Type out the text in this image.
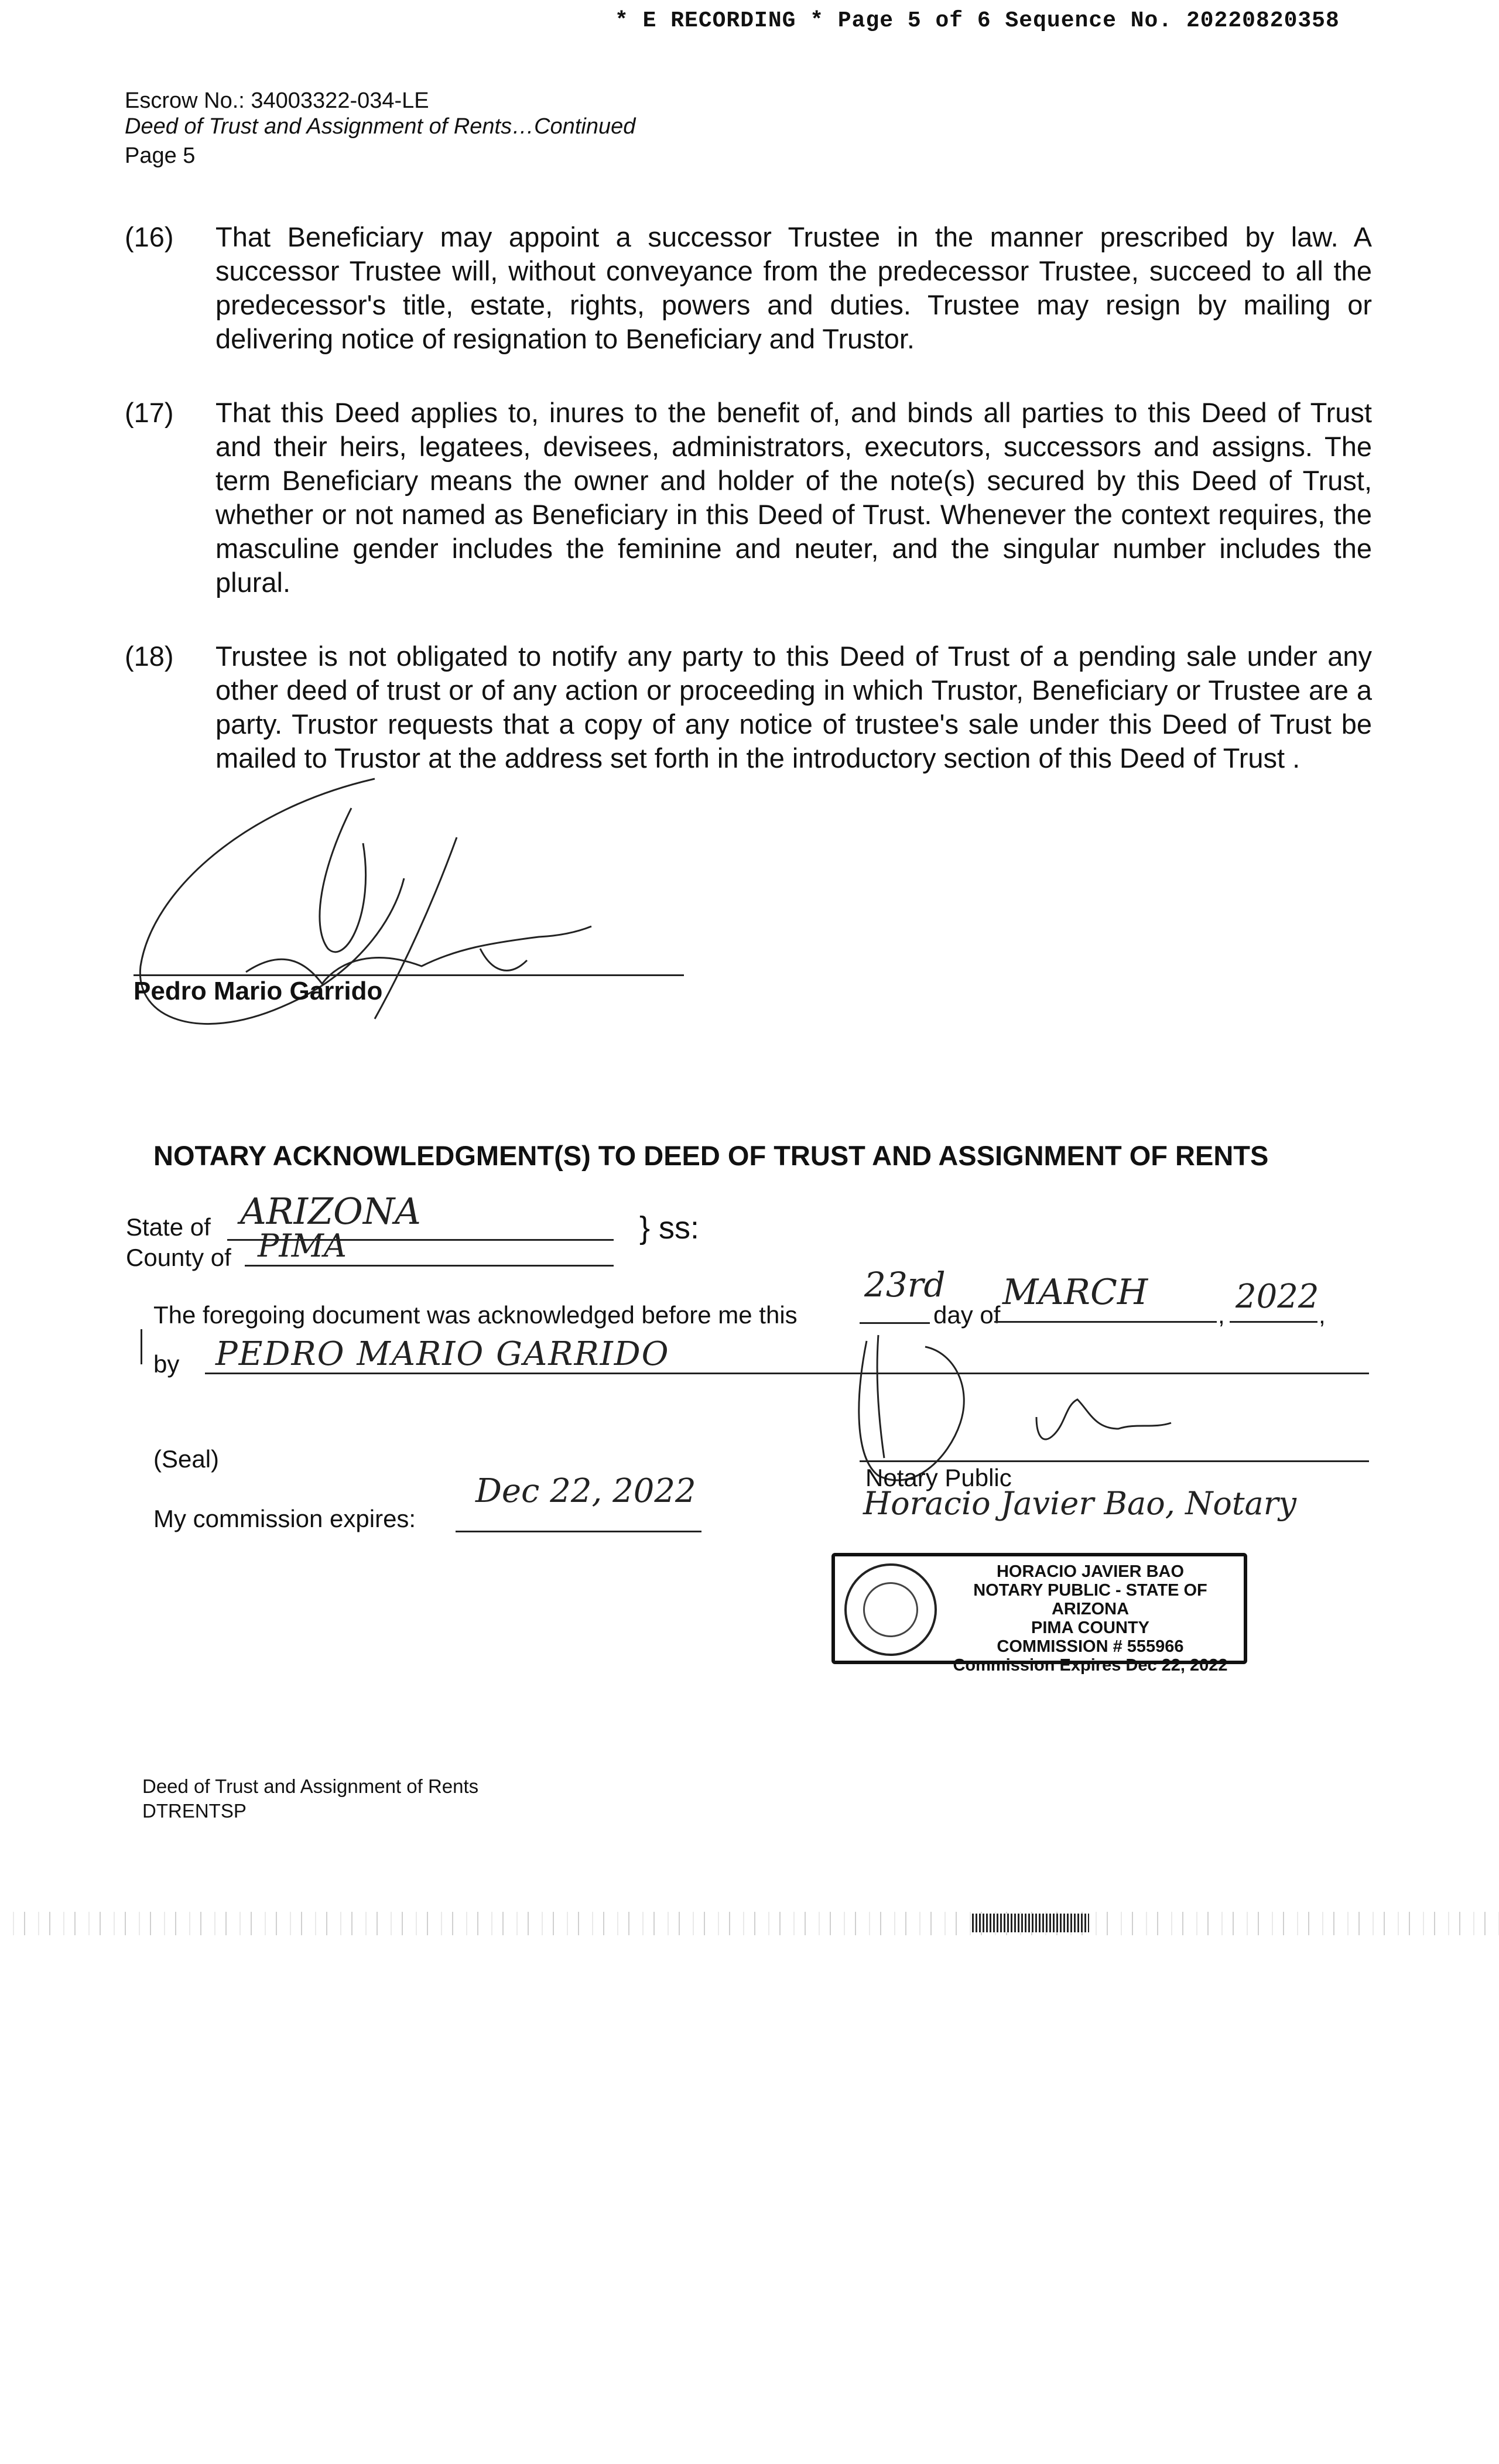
* E RECORDING * Page 5 of 6 Sequence No. 20220820358
Escrow No.: 34003322-034-LE
Deed of Trust and Assignment of Rents…Continued
Page 5
(16) That Beneficiary may appoint a successor Trustee in the manner prescribed by law. A successor Trustee will, without conveyance from the predecessor Trustee, succeed to all the predecessor's title, estate, rights, powers and duties. Trustee may resign by mailing or delivering notice of resignation to Beneficiary and Trustor.
(17) That this Deed applies to, inures to the benefit of, and binds all parties to this Deed of Trust and their heirs, legatees, devisees, administrators, executors, successors and assigns. The term Beneficiary means the owner and holder of the note(s) secured by this Deed of Trust, whether or not named as Beneficiary in this Deed of Trust. Whenever the context requires, the masculine gender includes the feminine and neuter, and the singular number includes the plural.
(18) Trustee is not obligated to notify any party to this Deed of Trust of a pending sale under any other deed of trust or of any action or proceeding in which Trustor, Beneficiary or Trustee are a party. Trustor requests that a copy of any notice of trustee's sale under this Deed of Trust be mailed to Trustor at the address set forth in the introductory section of this Deed of Trust .
Pedro Mario Garrido
NOTARY ACKNOWLEDGMENT(S) TO DEED OF TRUST AND ASSIGNMENT OF RENTS
State of ARIZONA
County of PIMA	} ss:
The foregoing document was acknowledged before me this
23rd
day of
MARCH
, 2022 ,
by PEDRO MARIO GARRIDO
(Seal)
My commission expires:
Dec 22, 2022	Notary Public
Horacio Javier Bao, Notary
HORACIO JAVIER BAO
NOTARY PUBLIC - STATE OF ARIZONA
PIMA COUNTY
COMMISSION # 555966
Commission Expires Dec 22, 2022
Deed of Trust and Assignment of Rents
DTRENTSP
